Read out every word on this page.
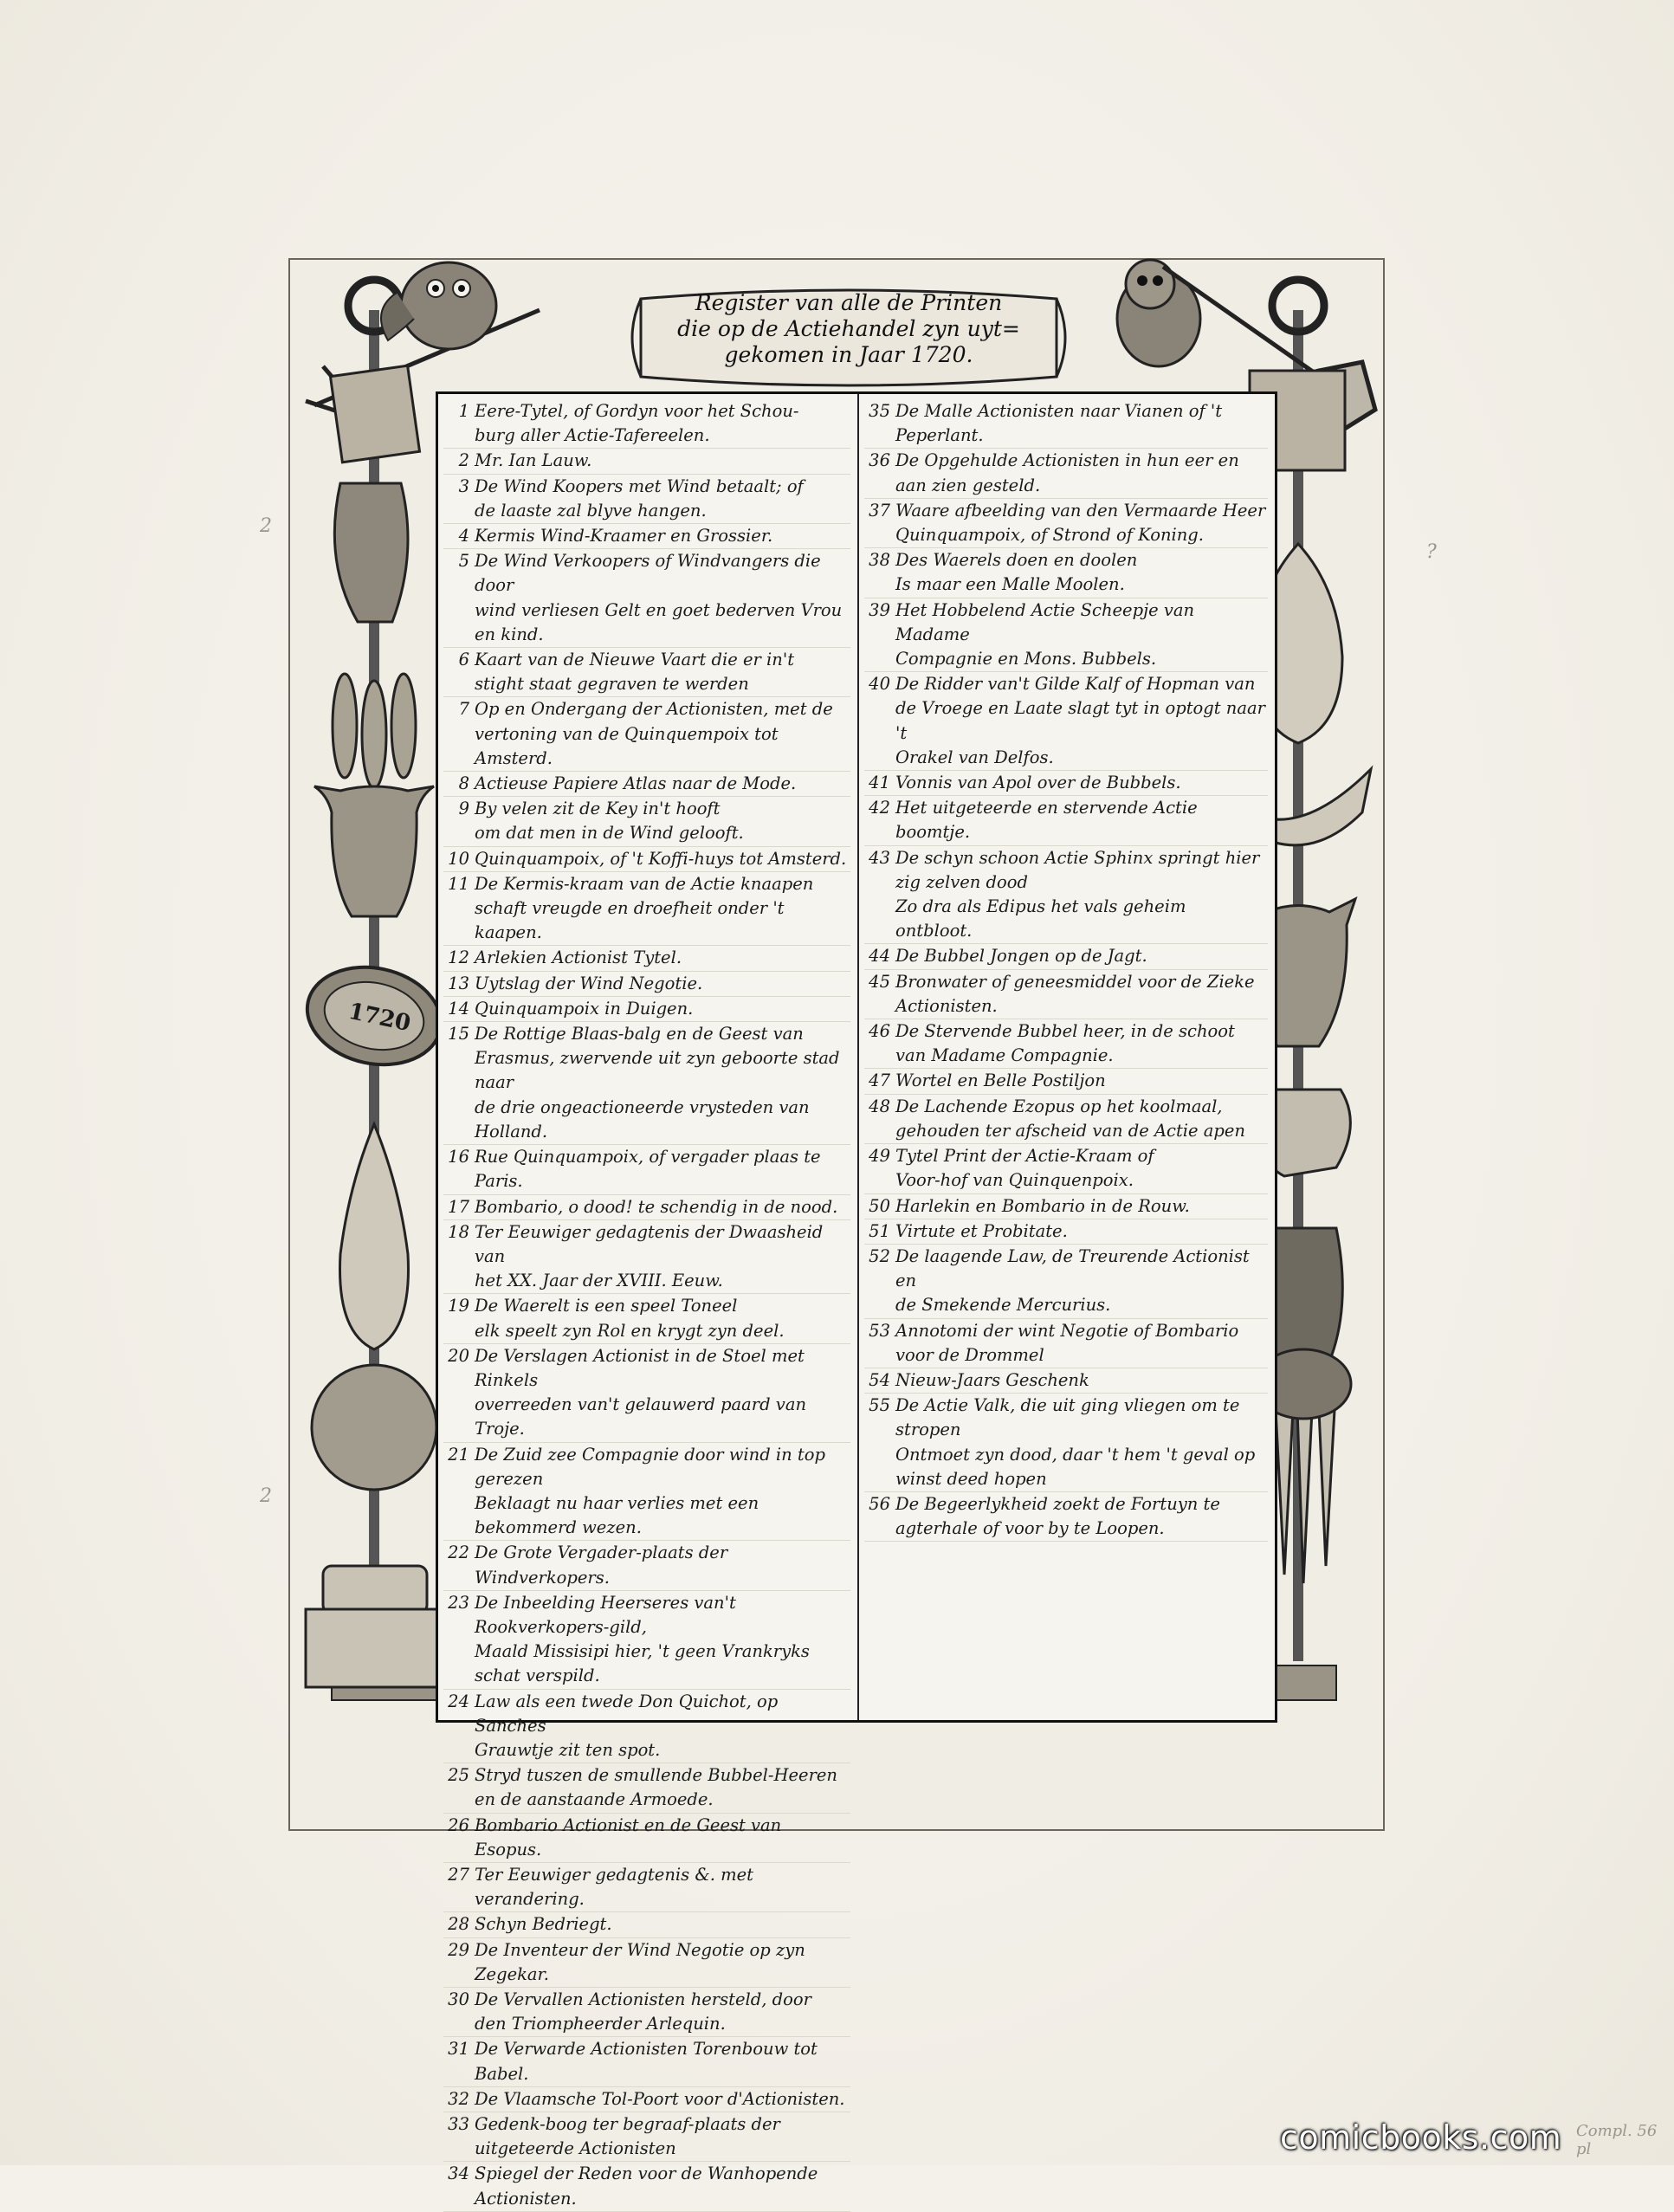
Register van alle de Printen
die op de Actiehandel zyn uyt=
gekomen in Jaar 1720.
1720
1 Eere-Tytel, of Gordyn voor het Schou-
burg aller Actie-Tafereelen.
2 Mr. Ian Lauw.
3 De Wind Koopers met Wind betaalt; of
de laaste zal blyve hangen.
4 Kermis Wind-Kraamer en Grossier.
5 De Wind Verkoopers of Windvangers die door
wind verliesen Gelt en goet bederven Vrou en kind.
6 Kaart van de Nieuwe Vaart die er in't
stight staat gegraven te werden
7 Op en Ondergang der Actionisten, met de
vertoning van de Quinquempoix tot Amsterd.
8 Actieuse Papiere Atlas naar de Mode.
9 By velen zit de Key in't hooft
om dat men in de Wind gelooft.
10 Quinquampoix, of 't Koffi-huys tot Amsterd.
11 De Kermis-kraam van de Actie knaapen
schaft vreugde en droefheit onder 't kaapen.
12 Arlekien Actionist Tytel.
13 Uytslag der Wind Negotie.
14 Quinquampoix in Duigen.
15 De Rottige Blaas-balg en de Geest van
Erasmus, zwervende uit zyn geboorte stad naar
de drie ongeactioneerde vrysteden van Holland.
16 Rue Quinquampoix, of vergader plaas te Paris.
17 Bombario, o dood! te schendig in de nood.
18 Ter Eeuwiger gedagtenis der Dwaasheid van
het XX. Jaar der XVIII. Eeuw.
19 De Waerelt is een speel Toneel
elk speelt zyn Rol en krygt zyn deel.
20 De Verslagen Actionist in de Stoel met Rinkels
overreeden van't gelauwerd paard van Troje.
21 De Zuid zee Compagnie door wind in top gerezen
Beklaagt nu haar verlies met een bekommerd wezen.
22 De Grote Vergader-plaats der Windverkopers.
23 De Inbeelding Heerseres van't Rookverkopers-gild,
Maald Missisipi hier, 't geen Vrankryks schat verspild.
24 Law als een twede Don Quichot, op Sanches
Grauwtje zit ten spot.
25 Stryd tuszen de smullende Bubbel-Heeren
en de aanstaande Armoede.
26 Bombario Actionist en de Geest van Esopus.
27 Ter Eeuwiger gedagtenis &. met verandering.
28 Schyn Bedriegt.
29 De Inventeur der Wind Negotie op zyn Zegekar.
30 De Vervallen Actionisten hersteld, door
den Triompheerder Arlequin.
31 De Verwarde Actionisten Torenbouw tot Babel.
32 De Vlaamsche Tol-Poort voor d'Actionisten.
33 Gedenk-boog ter begraaf-plaats der
uitgeteerde Actionisten
34 Spiegel der Reden voor de Wanhopende Actionisten.
35 De Malle Actionisten naar Vianen of 't Peperlant.
36 De Opgehulde Actionisten in hun eer en
aan zien gesteld.
37 Waare afbeelding van den Vermaarde Heer
Quinquampoix, of Strond of Koning.
38 Des Waerels doen en doolen
Is maar een Malle Moolen.
39 Het Hobbelend Actie Scheepje van Madame
Compagnie en Mons. Bubbels.
40 De Ridder van't Gilde Kalf of Hopman van
de Vroege en Laate slagt tyt in optogt naar 't
Orakel van Delfos.
41 Vonnis van Apol over de Bubbels.
42 Het uitgeteerde en stervende Actie boomtje.
43 De schyn schoon Actie Sphinx springt hier zig zelven dood
Zo dra als Edipus het vals geheim ontbloot.
44 De Bubbel Jongen op de Jagt.
45 Bronwater of geneesmiddel voor de Zieke
Actionisten.
46 De Stervende Bubbel heer, in de schoot
van Madame Compagnie.
47 Wortel en Belle Postiljon
48 De Lachende Ezopus op het koolmaal,
gehouden ter afscheid van de Actie apen
49 Tytel Print der Actie-Kraam of
Voor-hof van Quinquenpoix.
50 Harlekin en Bombario in de Rouw.
51 Virtute et Probitate.
52 De laagende Law, de Treurende Actionist en
de Smekende Mercurius.
53 Annotomi der wint Negotie of Bombario
voor de Drommel
54 Nieuw-Jaars Geschenk
55 De Actie Valk, die uit ging vliegen om te stropen
Ontmoet zyn dood, daar 't hem 't geval op winst deed hopen
56 De Begeerlykheid zoekt de Fortuyn te
agterhale of voor by te Loopen.
2
2
?
Compl. 56 pl
comicbooks.com
